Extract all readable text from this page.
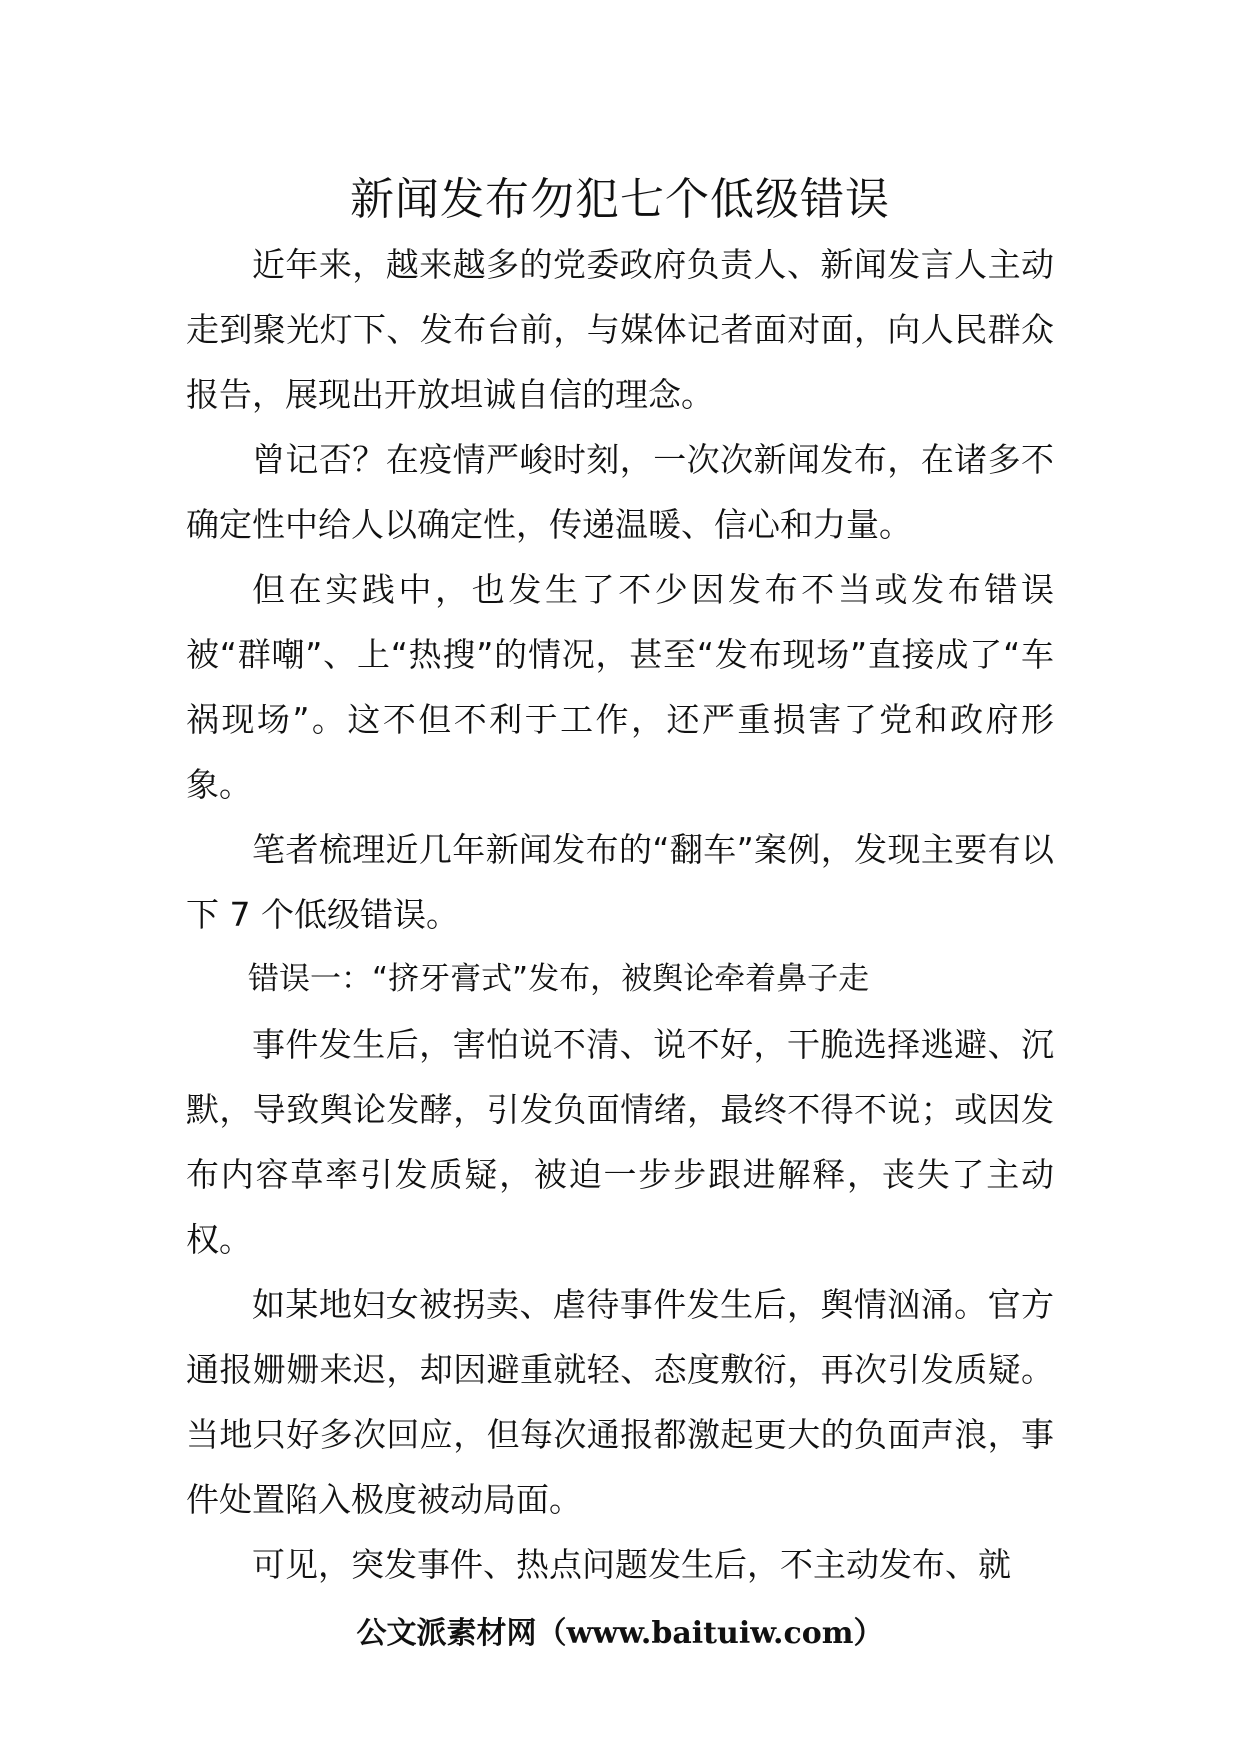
新闻发布勿犯七个低级错误

近年来，越来越多的党委政府负责人、新闻发言人主动走到聚光灯下、发布台前，与媒体记者面对面，向人民群众报告，展现出开放坦诚自信的理念。

曾记否？在疫情严峻时刻，一次次新闻发布，在诸多不确定性中给人以确定性，传递温暖、信心和力量。

但在实践中，也发生了不少因发布不当或发布错误被“群嘲”、上“热搜”的情况，甚至“发布现场”直接成了“车祸现场”。这不但不利于工作，还严重损害了党和政府形象。

笔者梳理近几年新闻发布的“翻车”案例，发现主要有以下 7 个低级错误。

错误一：“挤牙膏式”发布，被舆论牵着鼻子走

事件发生后，害怕说不清、说不好，干脆选择逃避、沉默，导致舆论发酵，引发负面情绪，最终不得不说；或因发布内容草率引发质疑，被迫一步步跟进解释，丧失了主动权。

如某地妇女被拐卖、虐待事件发生后，舆情汹涌。官方通报姗姗来迟，却因避重就轻、态度敷衍，再次引发质疑。当地只好多次回应，但每次通报都激起更大的负面声浪，事件处置陷入极度被动局面。

可见，突发事件、热点问题发生后，不主动发布、就

公文派素材网（www.baituiw.com）
